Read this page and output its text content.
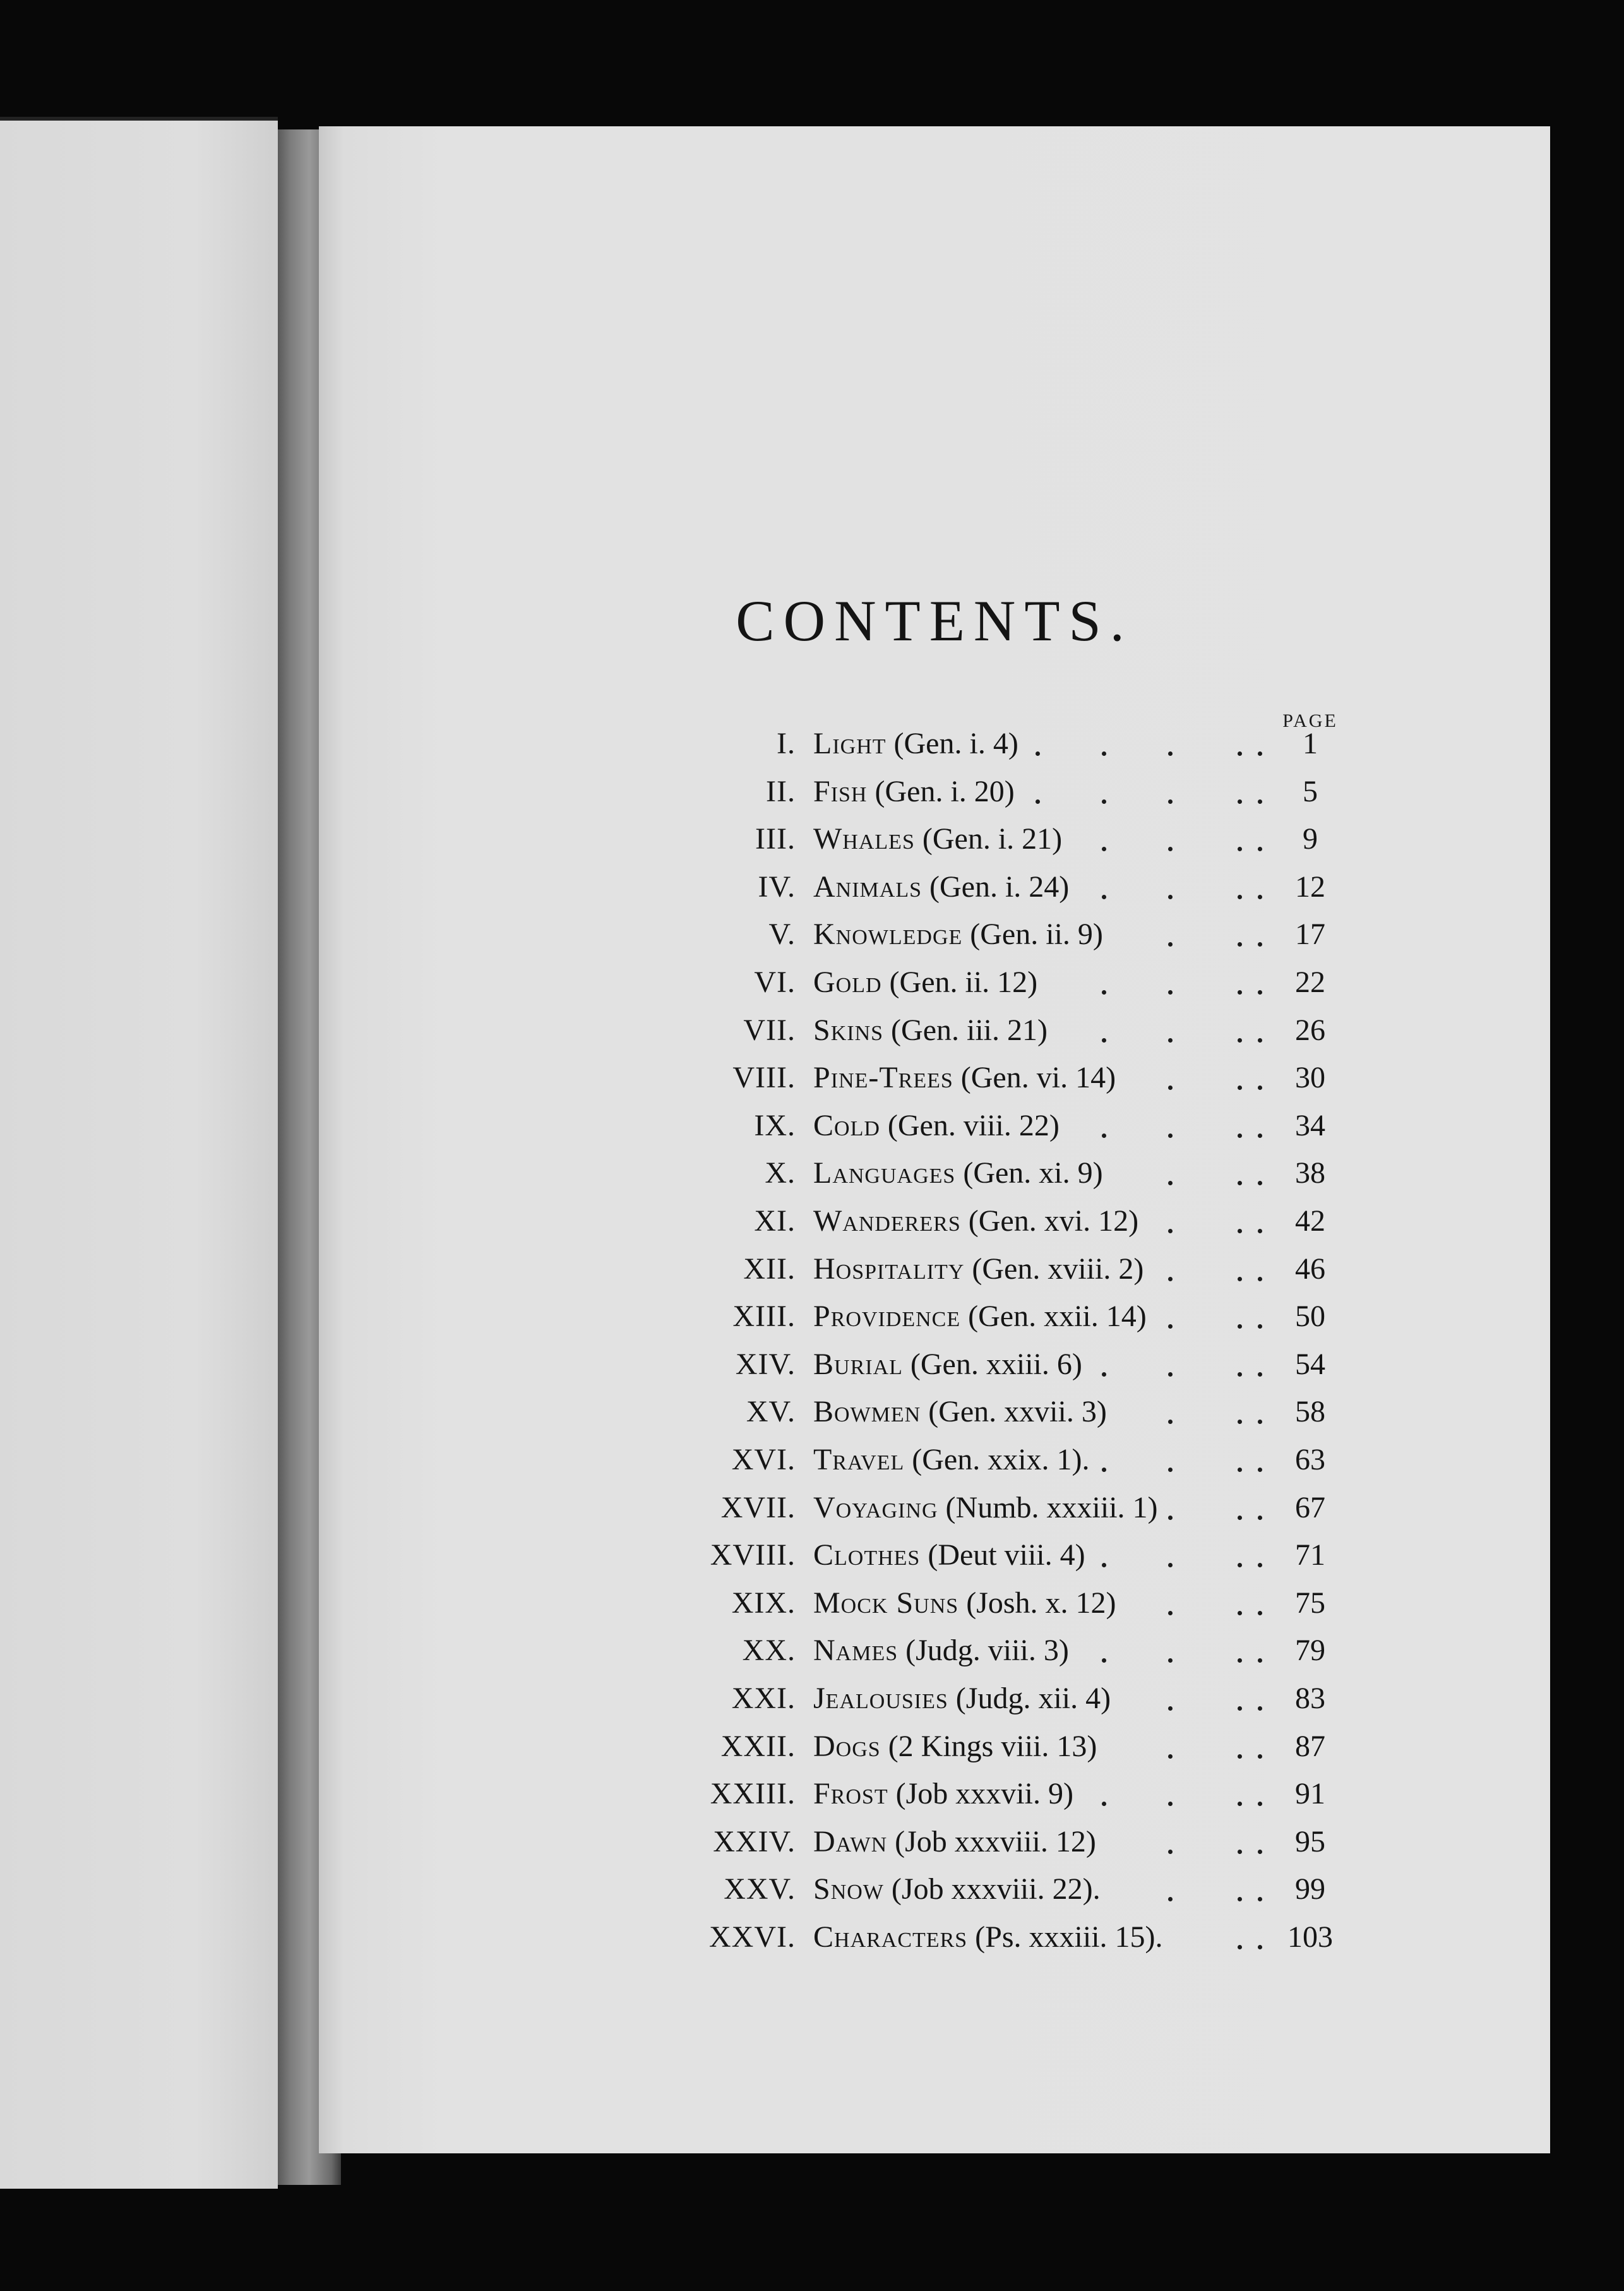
CONTENTS.
PAGE
I. Light (Gen. i. 4)	1
II. Fish (Gen. i. 20)	5
III. Whales (Gen. i. 21)	9
IV. Animals (Gen. i. 24)	12
V. Knowledge (Gen. ii. 9)	17
VI. Gold (Gen. ii. 12)	22
VII. Skins (Gen. iii. 21)	26
VIII. Pine-Trees (Gen. vi. 14)	30
IX. Cold (Gen. viii. 22)	34
X. Languages (Gen. xi. 9)	38
XI. Wanderers (Gen. xvi. 12)	42
XII. Hospitality (Gen. xviii. 2)	46
XIII. Providence (Gen. xxii. 14)	50
XIV. Burial (Gen. xxiii. 6)	54
XV. Bowmen (Gen. xxvii. 3)	58
XVI. Travel (Gen. xxix. 1).	63
XVII. Voyaging (Numb. xxxiii. 1)	67
XVIII. Clothes (Deut viii. 4)	71
XIX. Mock Suns (Josh. x. 12)	75
XX. Names (Judg. viii. 3)	79
XXI. Jealousies (Judg. xii. 4)	83
XXII. Dogs (2 Kings viii. 13)	87
XXIII. Frost (Job xxxvii. 9)	91
XXIV. Dawn (Job xxxviii. 12)	95
XXV. Snow (Job xxxviii. 22).	99
XXVI. Characters (Ps. xxxiii. 15).	103
